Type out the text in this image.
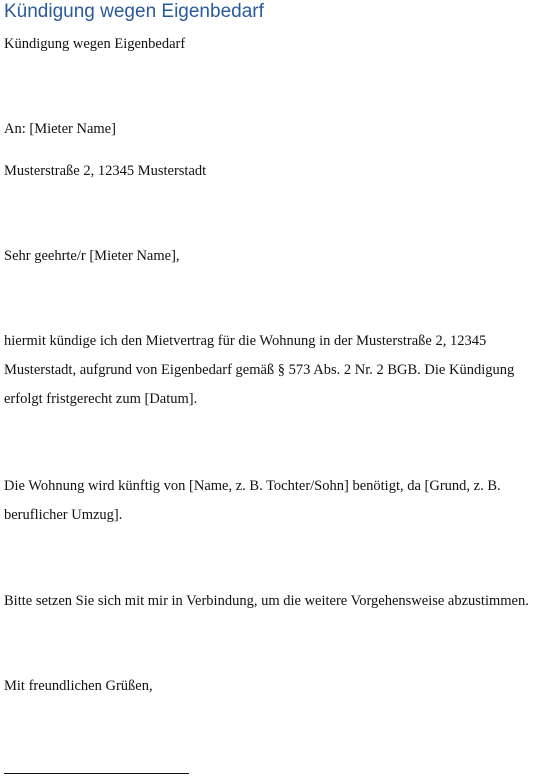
Kündigung wegen Eigenbedarf

Kündigung wegen Eigenbedarf

An: [Mieter Name]

Musterstraße 2, 12345 Musterstadt

Sehr geehrte/r [Mieter Name],

hiermit kündige ich den Mietvertrag für die Wohnung in der Musterstraße 2, 12345

Musterstadt, aufgrund von Eigenbedarf gemäß § 573 Abs. 2 Nr. 2 BGB. Die Kündigung

erfolgt fristgerecht zum [Datum].

Die Wohnung wird künftig von [Name, z. B. Tochter/Sohn] benötigt, da [Grund, z. B.

beruflicher Umzug].

Bitte setzen Sie sich mit mir in Verbindung, um die weitere Vorgehensweise abzustimmen.

Mit freundlichen Grüßen,
